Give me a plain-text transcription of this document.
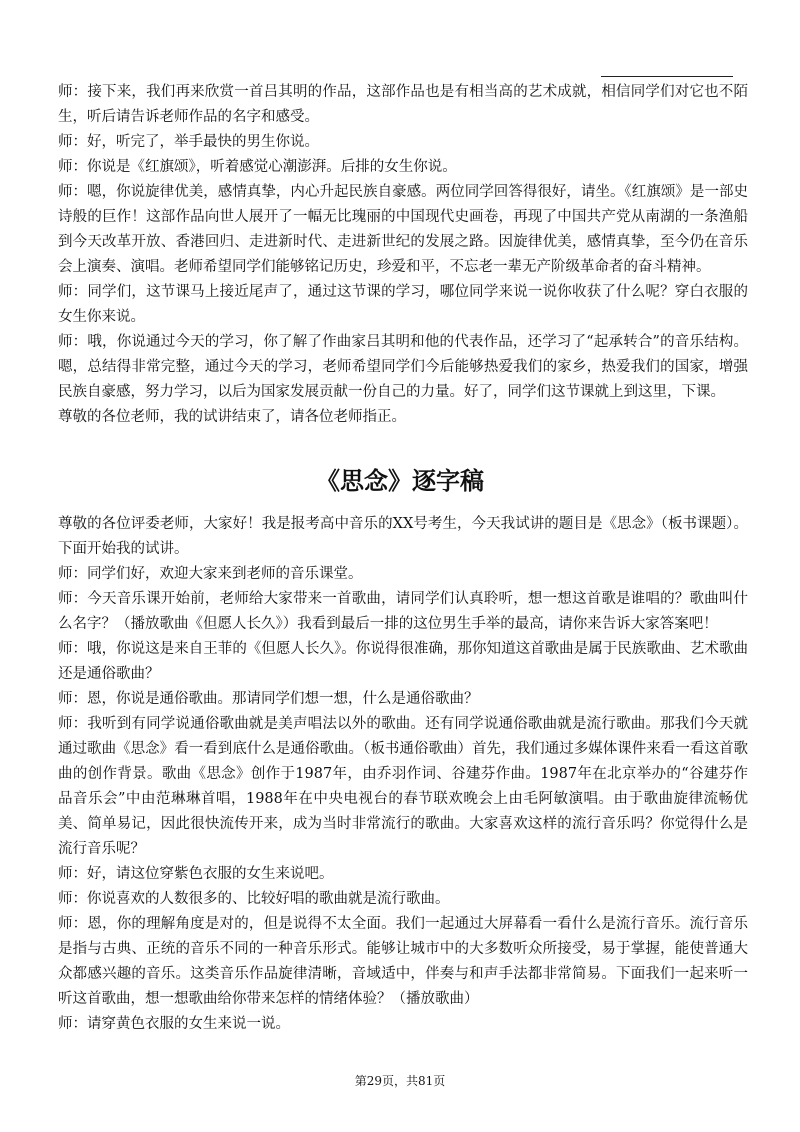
师：接下来，我们再来欣赏一首吕其明的作品，这部作品也是有相当高的艺术成就，相信同学们对它也不陌生，听后请告诉老师作品的名字和感受。

师：好，听完了，举手最快的男生你说。

师：你说是《红旗颂》，听着感觉心潮澎湃。后排的女生你说。

师：嗯，你说旋律优美，感情真挚，内心升起民族自豪感。两位同学回答得很好，请坐。《红旗颂》是一部史诗般的巨作！这部作品向世人展开了一幅无比瑰丽的中国现代史画卷，再现了中国共产党从南湖的一条渔船到今天改革开放、香港回归、走进新时代、走进新世纪的发展之路。因旋律优美，感情真挚，至今仍在音乐会上演奏、演唱。老师希望同学们能够铭记历史，珍爱和平，不忘老一辈无产阶级革命者的奋斗精神。

师：同学们，这节课马上接近尾声了，通过这节课的学习，哪位同学来说一说你收获了什么呢？穿白衣服的女生你来说。

师：哦，你说通过今天的学习，你了解了作曲家吕其明和他的代表作品，还学习了“起承转合”的音乐结构。嗯，总结得非常完整，通过今天的学习，老师希望同学们今后能够热爱我们的家乡，热爱我们的国家，增强民族自豪感，努力学习，以后为国家发展贡献一份自己的力量。好了，同学们这节课就上到这里，下课。

尊敬的各位老师，我的试讲结束了，请各位老师指正。

《思念》逐字稿

尊敬的各位评委老师，大家好！我是报考高中音乐的XX号考生，今天我试讲的题目是《思念》（板书课题）。下面开始我的试讲。

师：同学们好，欢迎大家来到老师的音乐课堂。

师：今天音乐课开始前，老师给大家带来一首歌曲，请同学们认真聆听，想一想这首歌是谁唱的？歌曲叫什么名字？（播放歌曲《但愿人长久》）我看到最后一排的这位男生手举的最高，请你来告诉大家答案吧！

师：哦，你说这是来自王菲的《但愿人长久》。你说得很准确，那你知道这首歌曲是属于民族歌曲、艺术歌曲还是通俗歌曲？

师：恩，你说是通俗歌曲。那请同学们想一想，什么是通俗歌曲？

师：我听到有同学说通俗歌曲就是美声唱法以外的歌曲。还有同学说通俗歌曲就是流行歌曲。那我们今天就通过歌曲《思念》看一看到底什么是通俗歌曲。（板书通俗歌曲）首先，我们通过多媒体课件来看一看这首歌曲的创作背景。歌曲《思念》创作于1987年，由乔羽作词、谷建芬作曲。1987年在北京举办的“谷建芬作品音乐会”中由范琳琳首唱，1988年在中央电视台的春节联欢晚会上由毛阿敏演唱。由于歌曲旋律流畅优美、简单易记，因此很快流传开来，成为当时非常流行的歌曲。大家喜欢这样的流行音乐吗？你觉得什么是流行音乐呢？

师：好，请这位穿紫色衣服的女生来说吧。

师：你说喜欢的人数很多的、比较好唱的歌曲就是流行歌曲。

师：恩，你的理解角度是对的，但是说得不太全面。我们一起通过大屏幕看一看什么是流行音乐。流行音乐是指与古典、正统的音乐不同的一种音乐形式。能够让城市中的大多数听众所接受，易于掌握，能使普通大众都感兴趣的音乐。这类音乐作品旋律清晰，音域适中，伴奏与和声手法都非常简易。下面我们一起来听一听这首歌曲，想一想歌曲给你带来怎样的情绪体验？（播放歌曲）

师：请穿黄色衣服的女生来说一说。

第29页，共81页
